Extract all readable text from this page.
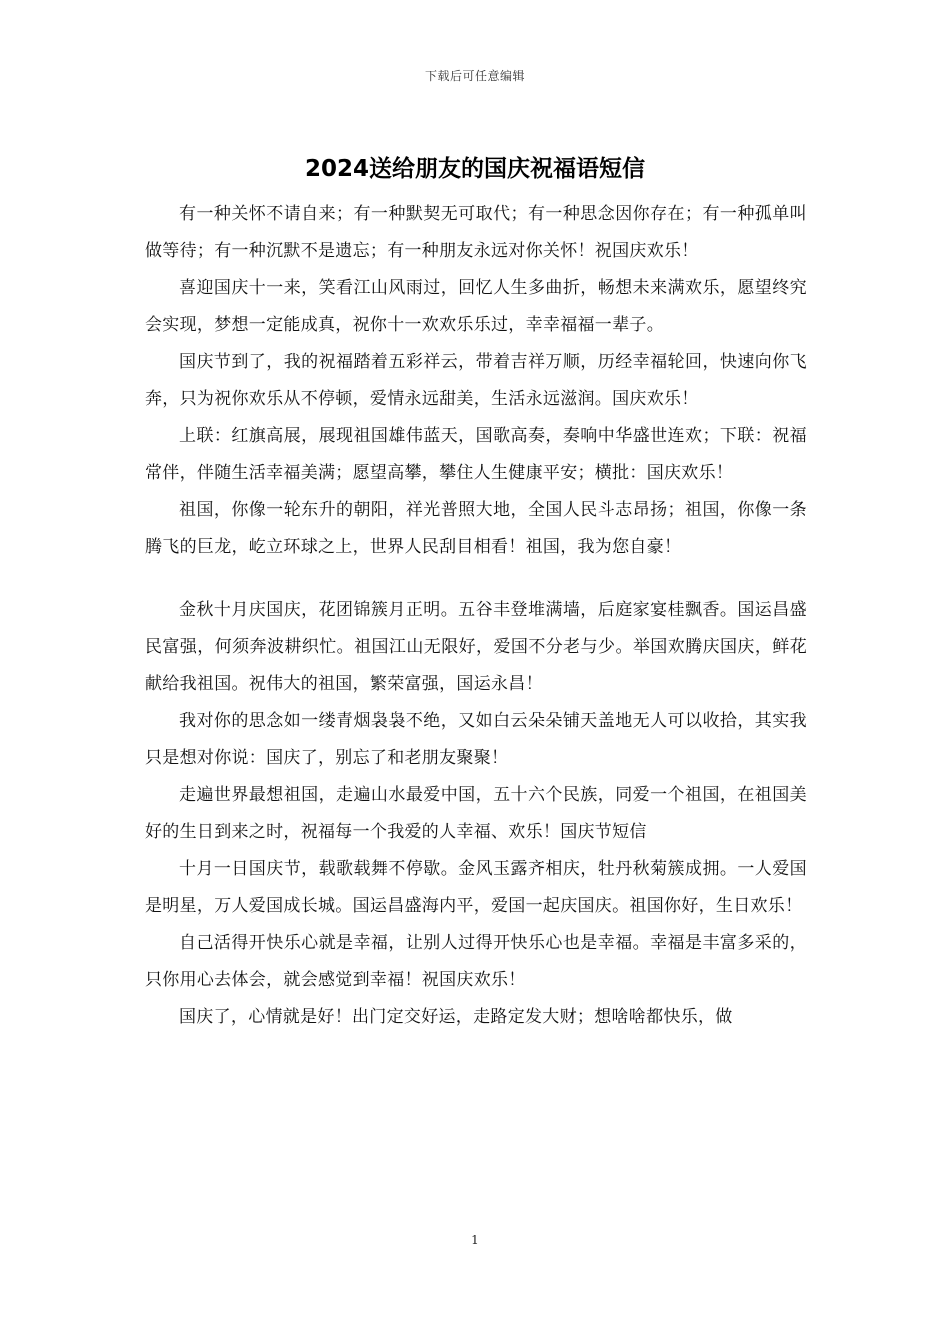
下载后可任意编辑
2024送给朋友的国庆祝福语短信

有一种关怀不请自来；有一种默契无可取代；有一种思念因你存在；有一种孤单叫做等待；有一种沉默不是遗忘；有一种朋友永远对你关怀！祝国庆欢乐！

喜迎国庆十一来，笑看江山风雨过，回忆人生多曲折，畅想未来满欢乐，愿望终究会实现，梦想一定能成真，祝你十一欢欢乐乐过，幸幸福福一辈子。

国庆节到了，我的祝福踏着五彩祥云，带着吉祥万顺，历经幸福轮回，快速向你飞奔，只为祝你欢乐从不停顿，爱情永远甜美，生活永远滋润。国庆欢乐！

上联：红旗高展，展现祖国雄伟蓝天，国歌高奏，奏响中华盛世连欢；下联：祝福常伴，伴随生活幸福美满；愿望高攀，攀住人生健康平安；横批：国庆欢乐！

祖国，你像一轮东升的朝阳，祥光普照大地，全国人民斗志昂扬；祖国，你像一条腾飞的巨龙，屹立环球之上，世界人民刮目相看！祖国，我为您自豪！

金秋十月庆国庆，花团锦簇月正明。五谷丰登堆满墙，后庭家宴桂飘香。国运昌盛民富强，何须奔波耕织忙。祖国江山无限好，爱国不分老与少。举国欢腾庆国庆，鲜花献给我祖国。祝伟大的祖国，繁荣富强，国运永昌！

我对你的思念如一缕青烟袅袅不绝，又如白云朵朵铺天盖地无人可以收拾，其实我只是想对你说：国庆了，别忘了和老朋友聚聚！

走遍世界最想祖国，走遍山水最爱中国，五十六个民族，同爱一个祖国，在祖国美好的生日到来之时，祝福每一个我爱的人幸福、欢乐！国庆节短信

十月一日国庆节，载歌载舞不停歇。金风玉露齐相庆，牡丹秋菊簇成拥。一人爱国是明星，万人爱国成长城。国运昌盛海内平，爱国一起庆国庆。祖国你好，生日欢乐！

自己活得开快乐心就是幸福，让别人过得开快乐心也是幸福。幸福是丰富多采的，只你用心去体会，就会感觉到幸福！祝国庆欢乐！

国庆了，心情就是好！出门定交好运，走路定发大财；想啥啥都快乐，做

1
